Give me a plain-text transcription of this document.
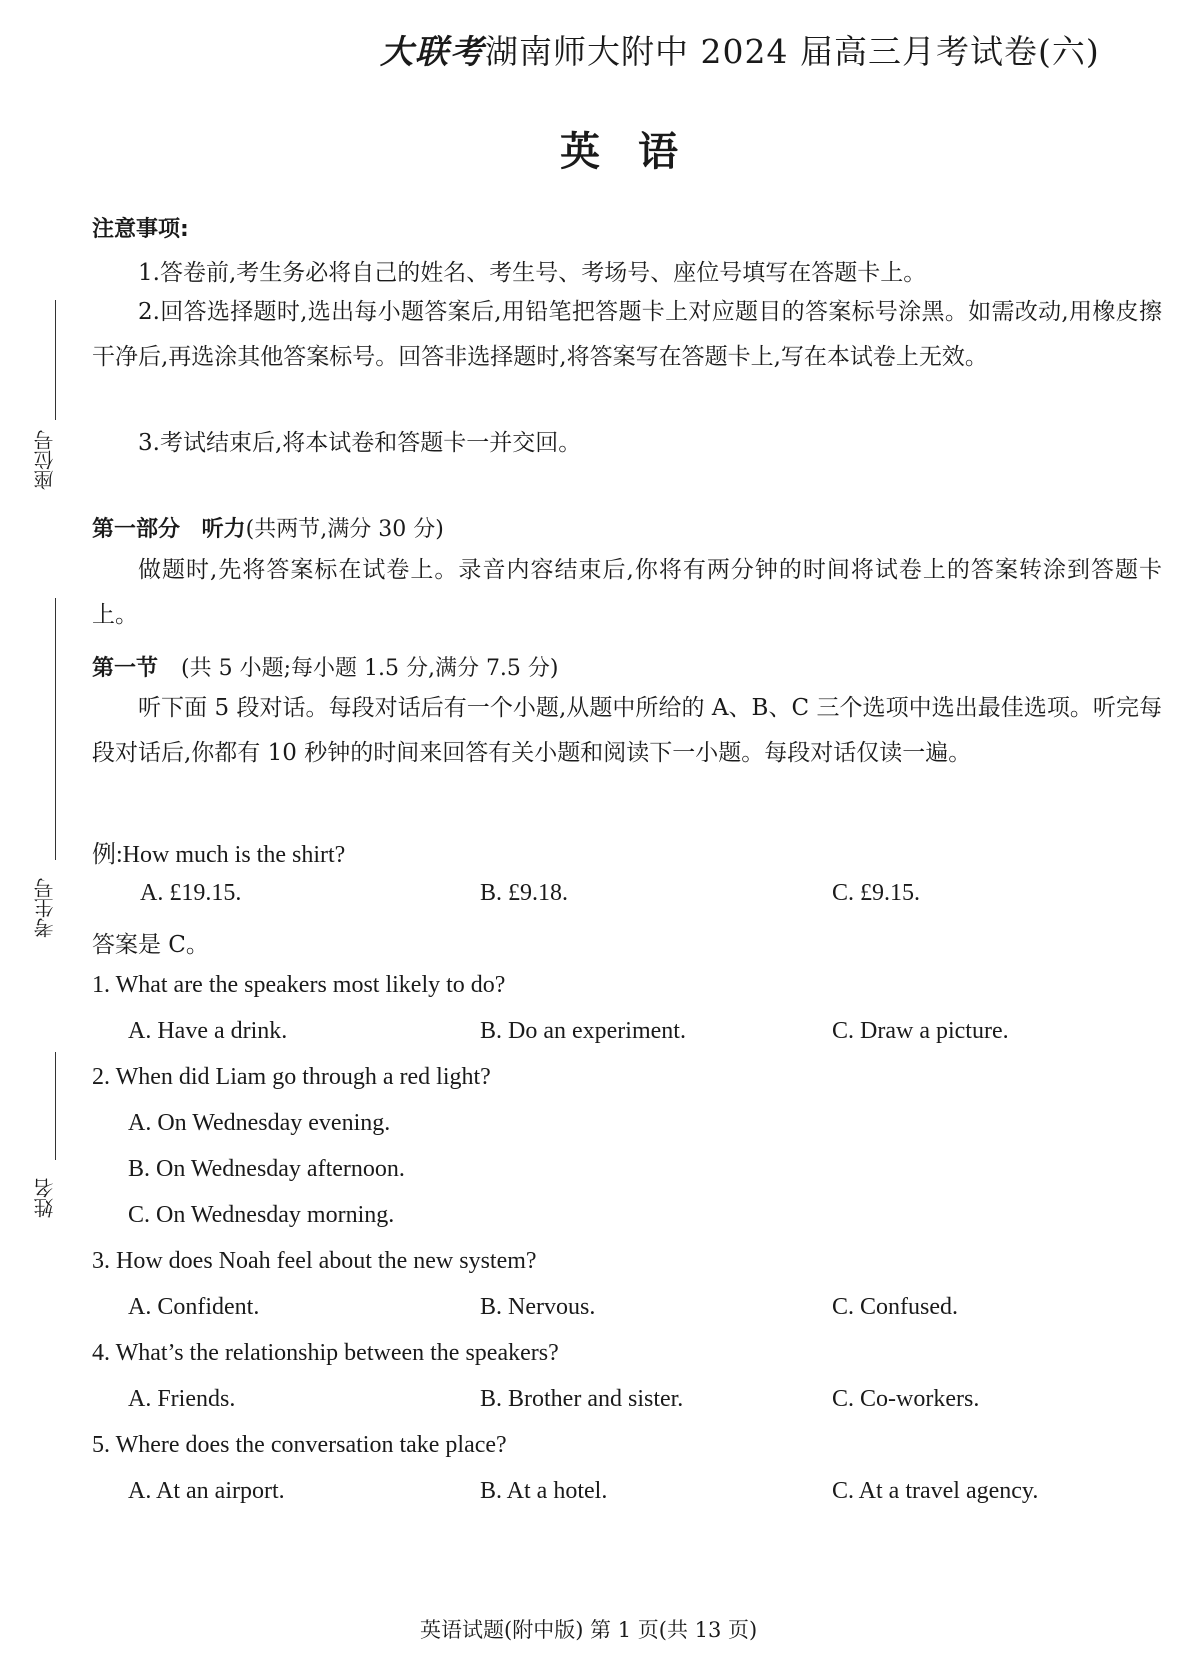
座位号
考生号
姓名
大联考湖南师大附中 2024 届高三月考试卷(六)
英语
注意事项:
1.答卷前,考生务必将自己的姓名、考生号、考场号、座位号填写在答题卡上。
2.回答选择题时,选出每小题答案后,用铅笔把答题卡上对应题目的答案标号涂黑。如需改动,用橡皮擦干净后,再选涂其他答案标号。回答非选择题时,将答案写在答题卡上,写在本试卷上无效。
3.考试结束后,将本试卷和答题卡一并交回。
第一部分 听力(共两节,满分 30 分)
做题时,先将答案标在试卷上。录音内容结束后,你将有两分钟的时间将试卷上的答案转涂到答题卡上。
第一节 (共 5 小题;每小题 1.5 分,满分 7.5 分)
听下面 5 段对话。每段对话后有一个小题,从题中所给的 A、B、C 三个选项中选出最佳选项。听完每段对话后,你都有 10 秒钟的时间来回答有关小题和阅读下一小题。每段对话仅读一遍。
例:How much is the shirt?
A. £19.15.	B. £9.18.	C. £9.15.
答案是 C。
1. What are the speakers most likely to do?
A. Have a drink.	B. Do an experiment.	C. Draw a picture.
2. When did Liam go through a red light?
A. On Wednesday evening.
B. On Wednesday afternoon.
C. On Wednesday morning.
3. How does Noah feel about the new system?
A. Confident.	B. Nervous.	C. Confused.
4. What’s the relationship between the speakers?
A. Friends.	B. Brother and sister.	C. Co-workers.
5. Where does the conversation take place?
A. At an airport.	B. At a hotel.	C. At a travel agency.
英语试题(附中版) 第 1 页(共 13 页)
